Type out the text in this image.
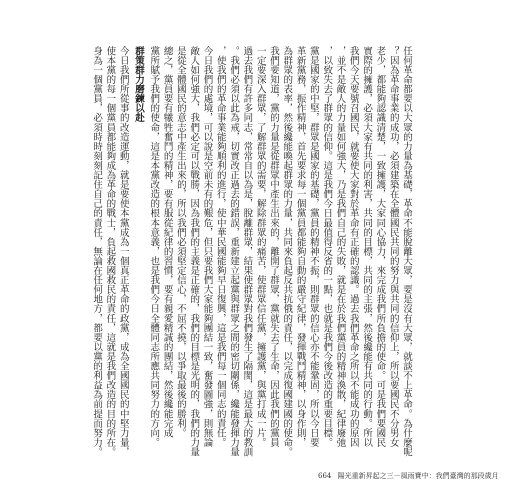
任何革命都要以大眾的力量為基礎，革命不能脫離大眾，要是沒有大眾，就談不上革命。為什麼呢
？因為革命事業的成功，必須建築在全體國民共同的努力與共同的信仰上，所以要國民不分男女
老少，都能夠認識清楚，一致擁護，大家同心協力，來完成我們所負擔的使命。可是我們要國民
實際的擁護，必須大家有共同的利害，共同的目標，共同的主張，然後纔能有共同的行動。所以
我們今天要號召國民，就要使大家對於革命有正確的認識。過去我們革命之所以不能成功的原因
，並不是敵人的力量如何強大，乃是我們自己的失敗，就是在於我們黨員的精神渙散，紀律廢弛
，以致失去了群眾的信仰。這是我們今日最值得反省的一點，也就是我們今後改造的重要目標。
黨是國家的中堅，群眾是國家的基礎，黨員的精神不振，則群眾的信心亦不能鞏固，所以今日要
革新黨務，振作精神，首先要求每一個黨員都能夠自動的嚴守紀律，發揮戰鬥精神，以身作則，
為群眾的表率，然後纔能喚起群眾的力量，共同來負起反共抗俄的責任，以完成復國建國的使命。
我們要知道，黨的力量是從群眾中產生出來的，離開了群眾，黨就失去了生命，因此我們的黨員
一定要深入群眾，了解群眾的需要，解除群眾的痛苦，使群眾信任黨，擁護黨，與黨打成一片。
過去我們有許多同志，常常自以為是，脫離群眾，結果使群眾對我們發生了隔閡，這是最大的教訓
。我們必須以此為戒，切實改正過去的錯誤，重新建立起黨與群眾之間的密切關係，纔能發揮力量
，使我們的革命事業能夠順利的進行，使中華民國能夠早日復興，這是我們每一個同志的責任。
今日我們的處境，可以說是空前未有的艱危，但只要我們大家能夠團結一致，奮發圖強，則無論
敵人如何強大，我們必定可以戰勝，因為我們的主義是正確的，我們的目標是光明的，我們的力量
是從全體國民的意志中產生出來的，所以我們必須堅定信心，不屈不撓，以爭取最後的勝利。
總之，黨員要有犧牲奮鬥的精神，要有服從紀律的習慣，要有親愛精誠的團結，然後纔能完成
黨所賦予我們的使命，這是本黨改造的根本意義，也是我們今日全體同志所應共同努力的方向。
群策群力磨鍊以赴
今日我們所從事的改造運動，就是要使本黨成為一個真正革命的政黨，成為全國國民的中堅力量，
使本黨的每一個黨員都能夠成為革命的戰士，負起救國救民的責任，這就是我們改造的目的所在。
身為一個黨員，必須時時刻刻記住自己的責任，無論在任何地方，都要以黨的利益為前提而努力。
664 陽光重新昇起之三－風雨寶中：我們臺灣的那段歲月
